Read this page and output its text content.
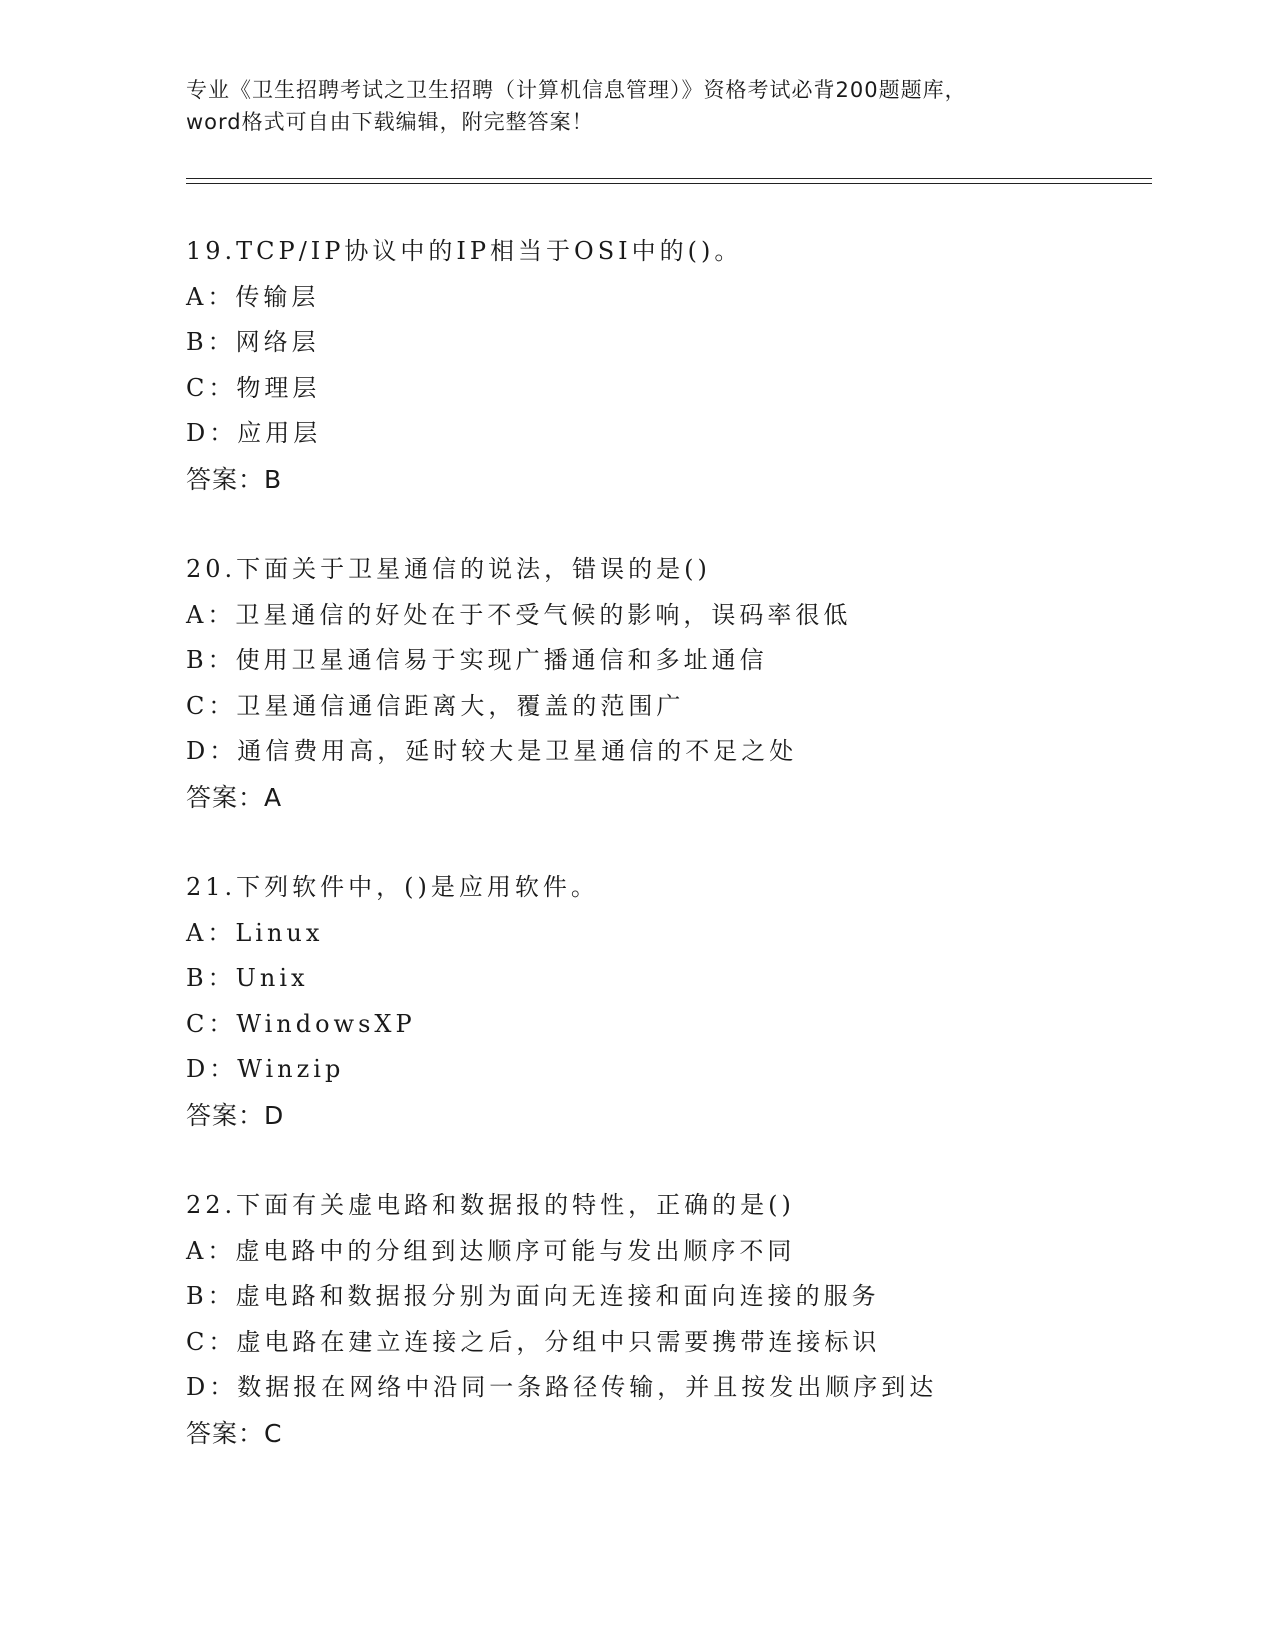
专业《卫生招聘考试之卫生招聘（计算机信息管理）》资格考试必背200题题库，

word格式可自由下载编辑，附完整答案！

19.TCP/IP协议中的IP相当于OSI中的()。
A：传输层
B：网络层
C：物理层
D：应用层
答案：B
20.下面关于卫星通信的说法，错误的是()
A：卫星通信的好处在于不受气候的影响，误码率很低
B：使用卫星通信易于实现广播通信和多址通信
C：卫星通信通信距离大，覆盖的范围广
D：通信费用高，延时较大是卫星通信的不足之处
答案：A
21.下列软件中，()是应用软件。
A：Linux
B：Unix
C：WindowsXP
D：Winzip
答案：D
22.下面有关虚电路和数据报的特性，正确的是()
A：虚电路中的分组到达顺序可能与发出顺序不同
B：虚电路和数据报分别为面向无连接和面向连接的服务
C：虚电路在建立连接之后，分组中只需要携带连接标识
D：数据报在网络中沿同一条路径传输，并且按发出顺序到达
答案：C
